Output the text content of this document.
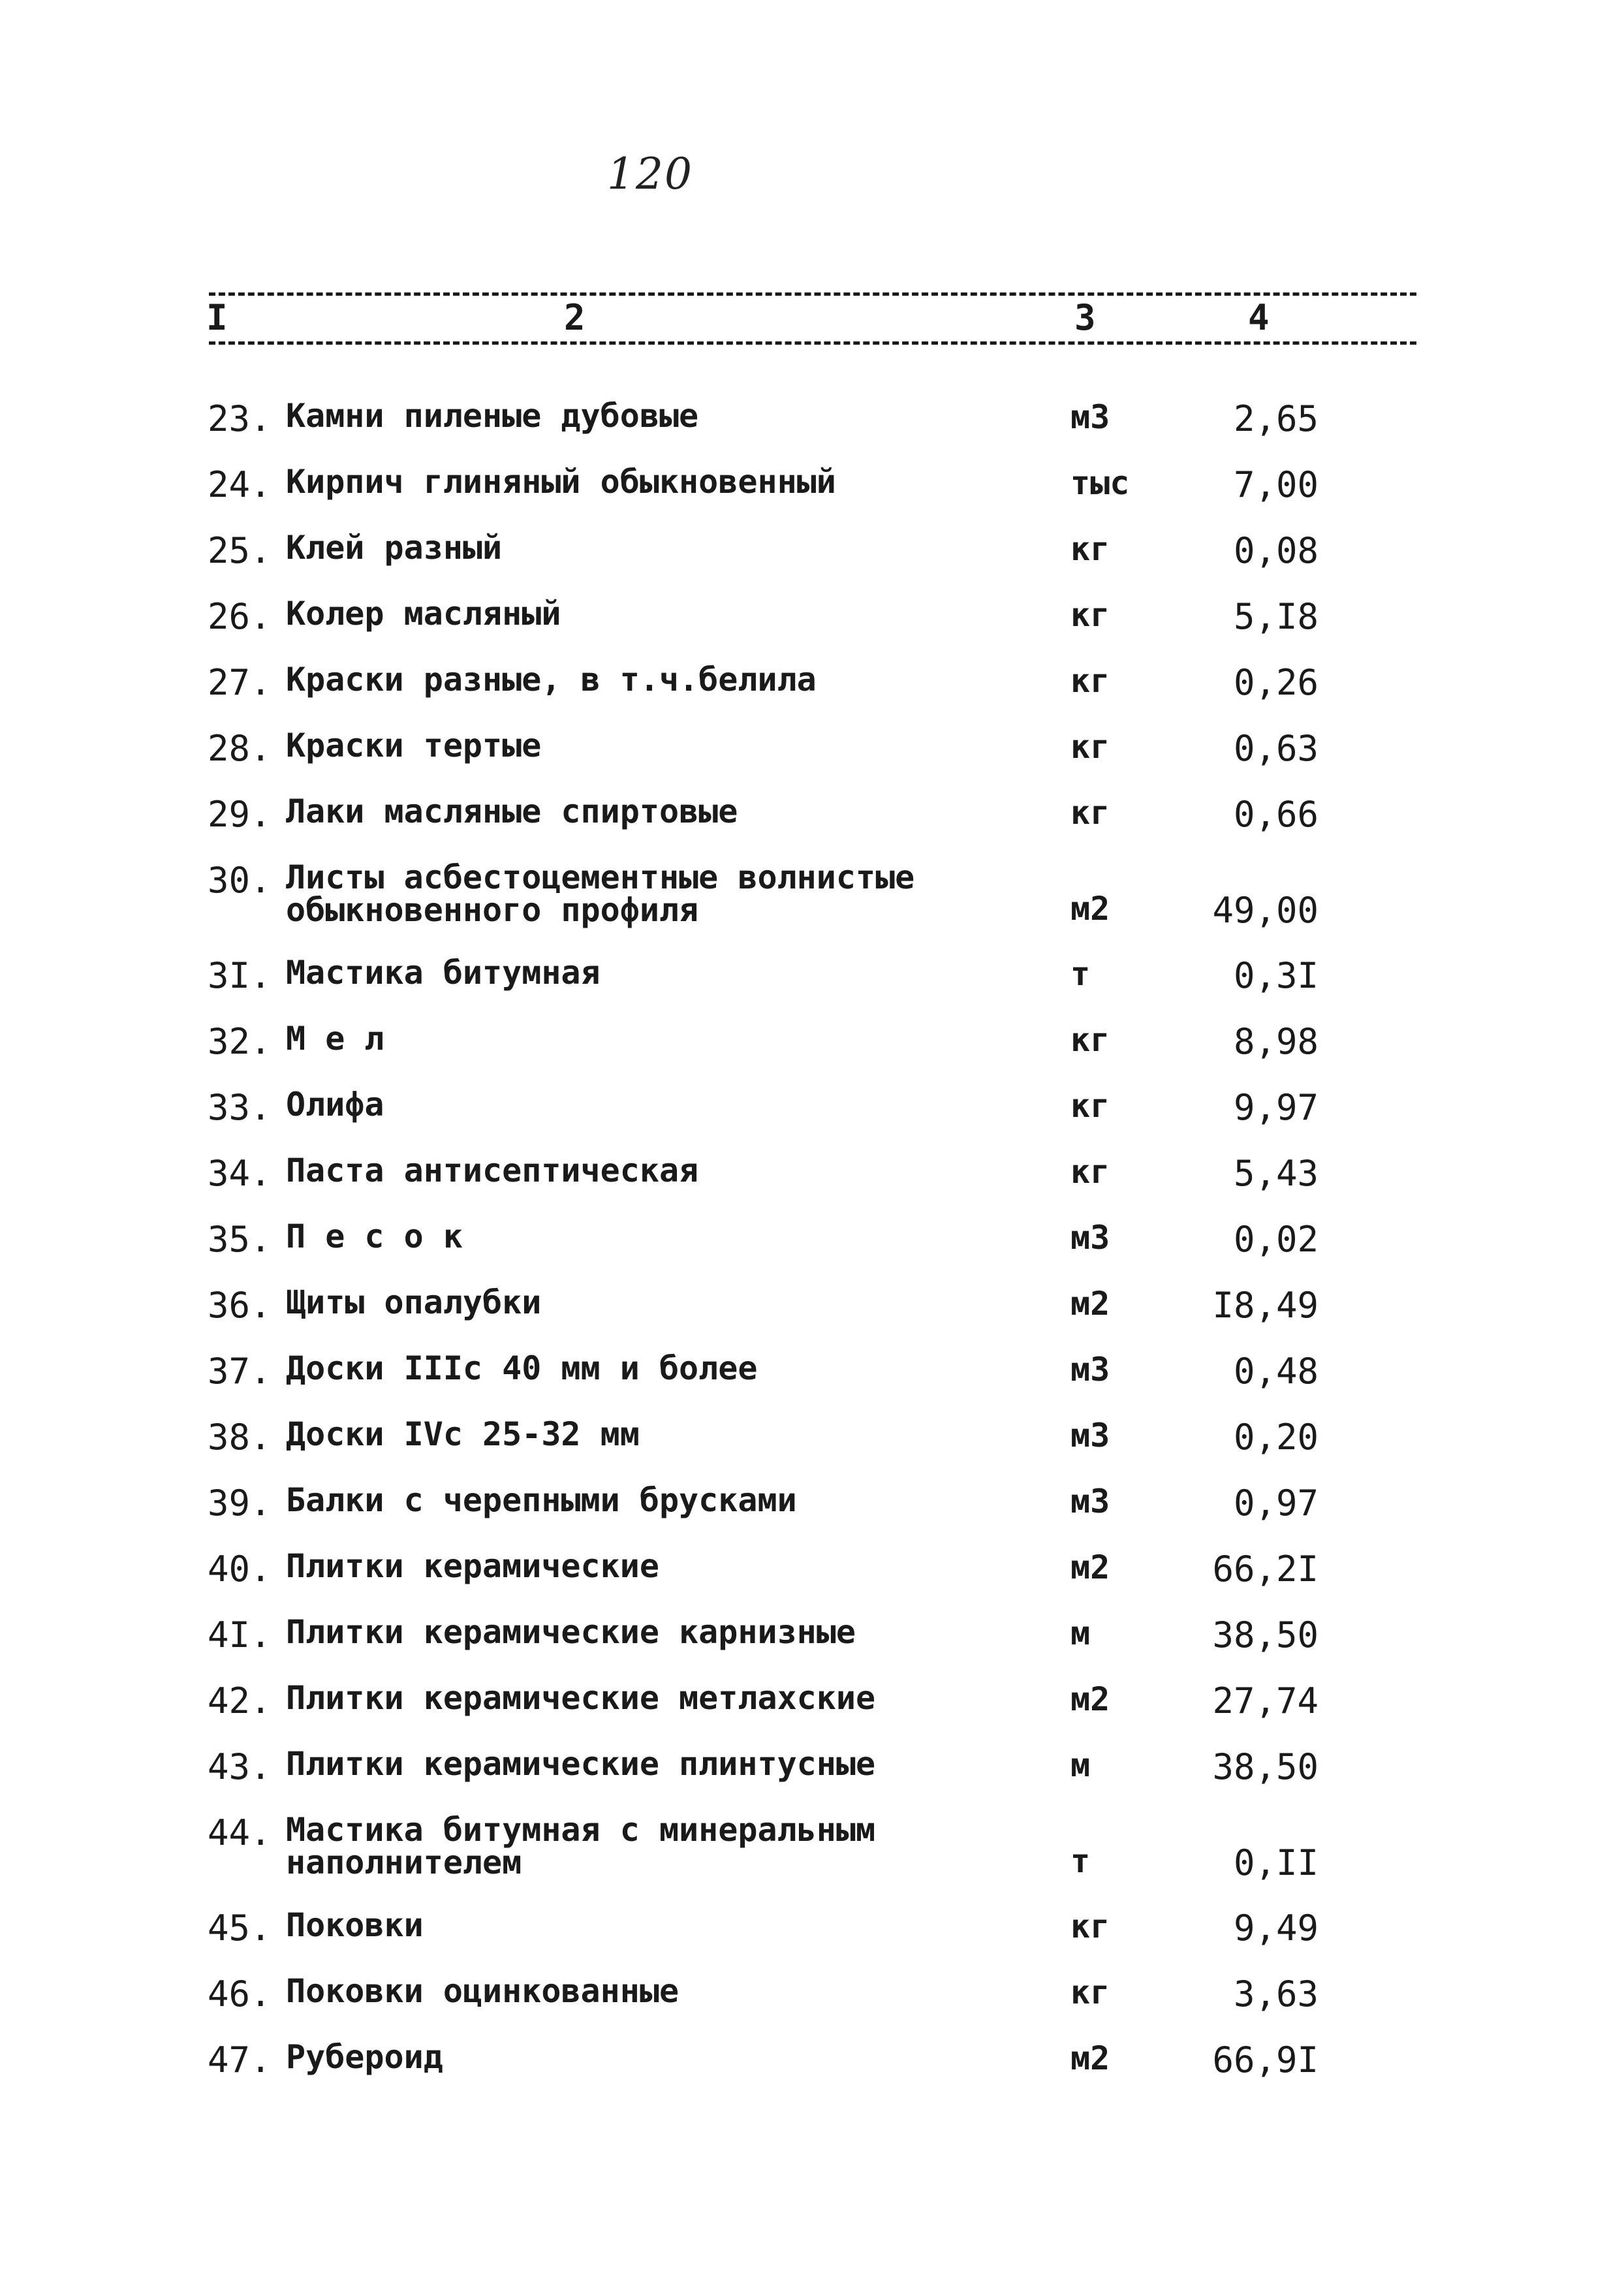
120
I	2	3	4
23. Камни пиленые дубовые	м3	2,65
24. Кирпич глиняный обыкновенный	тыс	7,00
25. Клей разный	кг	0,08
26. Колер масляный	кг	5,I8
27. Краски разные, в т.ч.белила	кг	0,26
28. Краски тертые	кг	0,63
29. Лаки масляные спиртовые	кг	0,66
30. Листы асбестоцементные волнистые
обыкновенного профиля	м2	49,00
3I. Мастика битумная	т	0,3I
32. М е л	кг	8,98
33. Олифа	кг	9,97
34. Паста антисептическая	кг	5,43
35. П е с о к	м3	0,02
36. Щиты опалубки	м2	I8,49
37. Доски IIIс 40 мм и более	м3	0,48
38. Доски IVс 25-32 мм	м3	0,20
39. Балки с черепными брусками	м3	0,97
40. Плитки керамические	м2	66,2I
4I. Плитки керамические карнизные	м	38,50
42. Плитки керамические метлахские	м2	27,74
43. Плитки керамические плинтусные	м	38,50
44. Мастика битумная с минеральным
наполнителем	т	0,II
45. Поковки	кг	9,49
46. Поковки оцинкованные	кг	3,63
47. Рубероид	м2	66,9I
